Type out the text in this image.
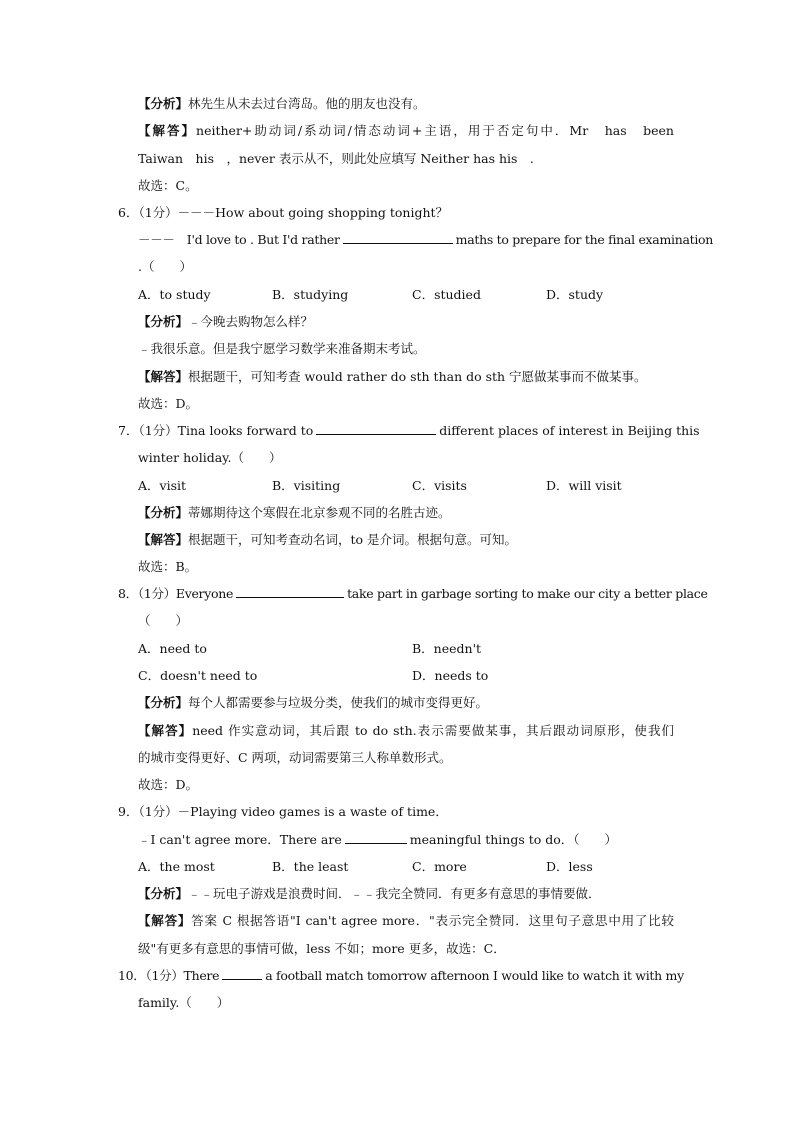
【分析】林先生从未去过台湾岛。他的朋友也没有。
【解答】neither+助动词/系动词/情态动词+主语，用于否定句中．Mr　has　been
Taiwan　his　，never 表示从不，则此处应填写 Neither has his　.
故选：C。
6．（1分）－－－How about going shopping tonight？
－－－　I'd love to . But I'd rather	maths to prepare for the final examination
.（　　）
A．to study	B．studying	C．studied	D．study
【分析】﹣今晚去购物怎么样？
﹣我很乐意。但是我宁愿学习数学来准备期末考试。
【解答】根据题干，可知考查 would rather do sth than do sth 宁愿做某事而不做某事。
故选：D。
7．（1分）Tina looks forward to	different places of interest in Beijing this
winter holiday.（　　）
A．visit	B．visiting	C．visits	D．will visit
【分析】蒂娜期待这个寒假在北京参观不同的名胜古迹。
【解答】根据题干，可知考查动名词，to 是介词。根据句意。可知。
故选：B。
8．（1分）Everyone	take part in garbage sorting to make our city a better place
（　　）
A．need to	B．needn't
C．doesn't need to	D．needs to
【分析】每个人都需要参与垃圾分类，使我们的城市变得更好。
【解答】need 作实意动词，其后跟 to do sth.表示需要做某事，其后跟动词原形，使我们
的城市变得更好、C 两项，动词需要第三人称单数形式。
故选：D。
9．（1分）－Playing video games is a waste of time．
﹣I can't agree more．There are	meaningful things to do．（　　）
A．the most	B．the least	C．more	D．less
【分析】﹣﹣玩电子游戏是浪费时间．﹣﹣我完全赞同．有更多有意思的事情要做．
【解答】答案 C 根据答语"I can't agree more．"表示完全赞同．这里句子意思中用了比较
级"有更多有意思的事情可做，less 不如；more 更多，故选：C．
10．（1分）There	a football match tomorrow afternoon I would like to watch it with my
family.（　　）
